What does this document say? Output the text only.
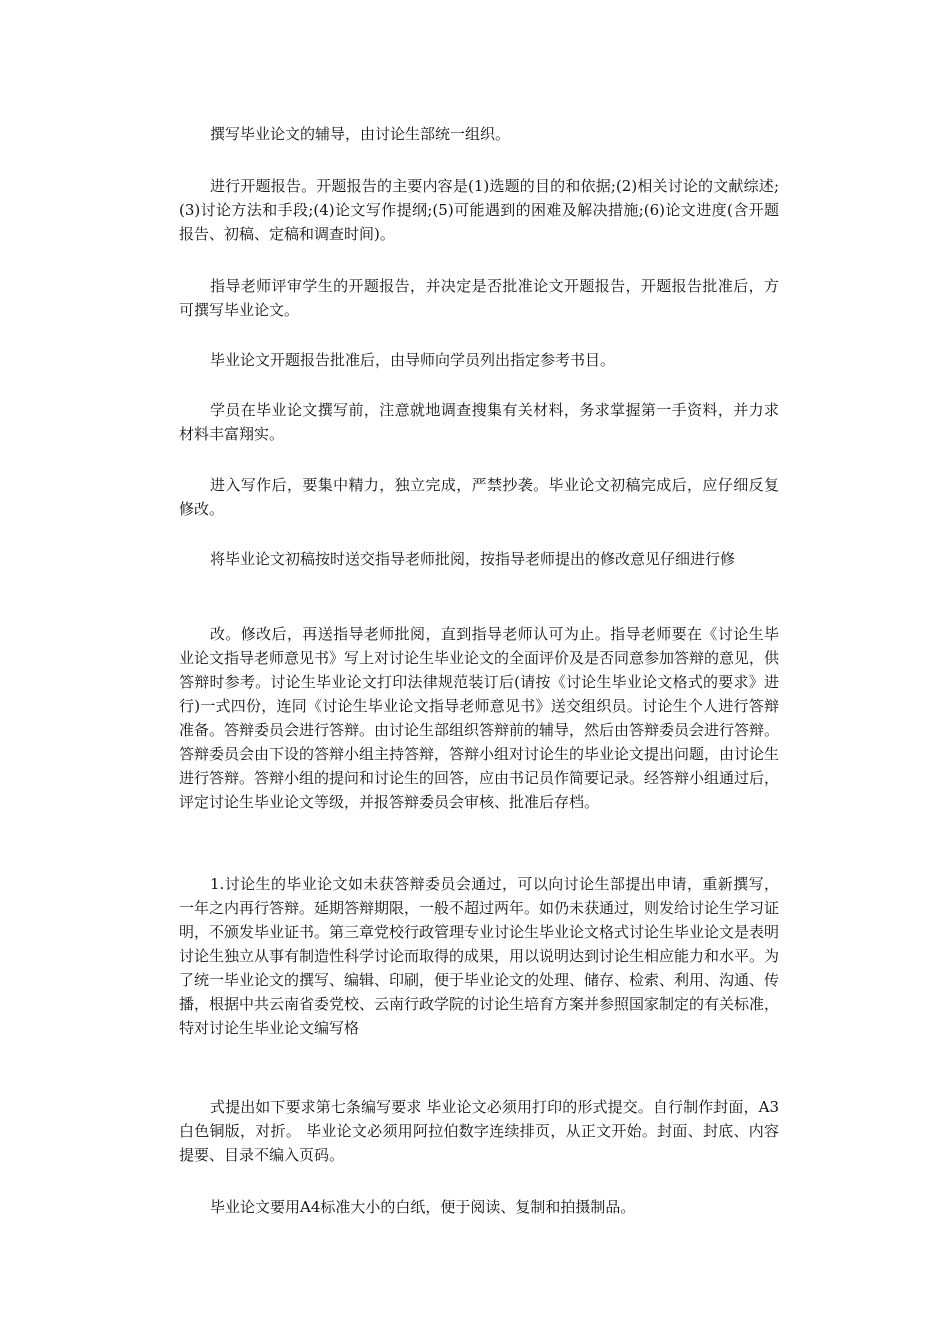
撰写毕业论文的辅导，由讨论生部统一组织。

进行开题报告。开题报告的主要内容是(1)选题的目的和依据;(2)相关讨论的文献综述;(3)讨论方法和手段;(4)论文写作提纲;(5)可能遇到的困难及解决措施;(6)论文进度(含开题报告、初稿、定稿和调查时间)。

指导老师评审学生的开题报告，并决定是否批准论文开题报告，开题报告批准后，方可撰写毕业论文。

毕业论文开题报告批准后，由导师向学员列出指定参考书目。

学员在毕业论文撰写前，注意就地调查搜集有关材料，务求掌握第一手资料，并力求材料丰富翔实。

进入写作后，要集中精力，独立完成，严禁抄袭。毕业论文初稿完成后，应仔细反复修改。

将毕业论文初稿按时送交指导老师批阅，按指导老师提出的修改意见仔细进行修

改。修改后，再送指导老师批阅，直到指导老师认可为止。指导老师要在《讨论生毕业论文指导老师意见书》写上对讨论生毕业论文的全面评价及是否同意参加答辩的意见，供答辩时参考。讨论生毕业论文打印法律规范装订后(请按《讨论生毕业论文格式的要求》进行)一式四份，连同《讨论生毕业论文指导老师意见书》送交组织员。讨论生个人进行答辩准备。答辩委员会进行答辩。由讨论生部组织答辩前的辅导，然后由答辩委员会进行答辩。答辩委员会由下设的答辩小组主持答辩，答辩小组对讨论生的毕业论文提出问题，由讨论生进行答辩。答辩小组的提问和讨论生的回答，应由书记员作简要记录。经答辩小组通过后，评定讨论生毕业论文等级，并报答辩委员会审核、批准后存档。

1.讨论生的毕业论文如未获答辩委员会通过，可以向讨论生部提出申请，重新撰写，一年之内再行答辩。延期答辩期限，一般不超过两年。如仍未获通过，则发给讨论生学习证明，不颁发毕业证书。第三章党校行政管理专业讨论生毕业论文格式讨论生毕业论文是表明讨论生独立从事有制造性科学讨论而取得的成果，用以说明达到讨论生相应能力和水平。为了统一毕业论文的撰写、编辑、印刷，便于毕业论文的处理、储存、检索、利用、沟通、传播，根据中共云南省委党校、云南行政学院的讨论生培育方案并参照国家制定的有关标准，特对讨论生毕业论文编写格

式提出如下要求第七条编写要求 毕业论文必须用打印的形式提交。自行制作封面，A3白色铜版，对折。 毕业论文必须用阿拉伯数字连续排页，从正文开始。封面、封底、内容提要、目录不编入页码。

毕业论文要用A4标准大小的白纸，便于阅读、复制和拍摄制品。
